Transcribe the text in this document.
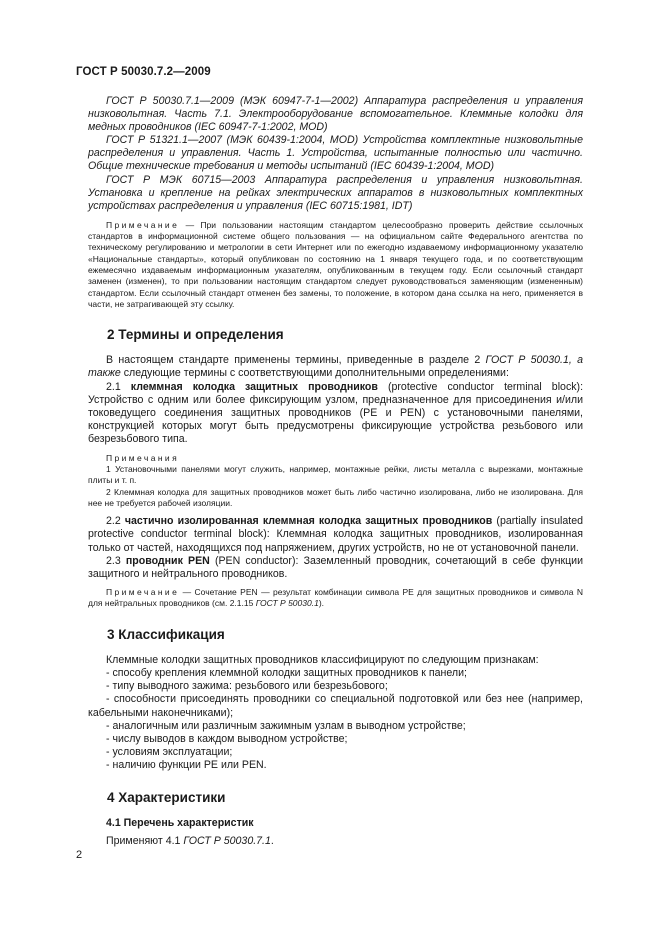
ГОСТ Р 50030.7.2—2009

ГОСТ Р 50030.7.1—2009 (МЭК 60947-7-1—2002) Аппаратура распределения и управления низковольтная. Часть 7.1. Электрооборудование вспомогательное. Клеммные колодки для медных проводников (IEC 60947-7-1:2002, MOD)

ГОСТ Р 51321.1—2007 (МЭК 60439-1:2004, MOD) Устройства комплектные низковольтные распределения и управления. Часть 1. Устройства, испытанные полностью или частично. Общие технические требования и методы испытаний (IEC 60439-1:2004, MOD)

ГОСТ Р МЭК 60715—2003 Аппаратура распределения и управления низковольтная. Установка и крепление на рейках электрических аппаратов в низковольтных комплектных устройствах распределения и управления (IEC 60715:1981, IDT)

Примечание — При пользовании настоящим стандартом целесообразно проверить действие ссылочных стандартов в информационной системе общего пользования — на официальном сайте Федерального агентства по техническому регулированию и метрологии в сети Интернет или по ежегодно издаваемому информационному указателю «Национальные стандарты», который опубликован по состоянию на 1 января текущего года, и по соответствующим ежемесячно издаваемым информационным указателям, опубликованным в текущем году. Если ссылочный стандарт заменен (изменен), то при пользовании настоящим стандартом следует руководствоваться заменяющим (измененным) стандартом. Если ссылочный стандарт отменен без замены, то положение, в котором дана ссылка на него, применяется в части, не затрагивающей эту ссылку.

2 Термины и определения

В настоящем стандарте применены термины, приведенные в разделе 2 ГОСТ Р 50030.1, а также следующие термины с соответствующими дополнительными определениями:

2.1 клеммная колодка защитных проводников (protective conductor terminal block): Устройство с одним или более фиксирующим узлом, предназначенное для присоединения и/или токоведущего соединения защитных проводников (PE и PEN) с установочными панелями, конструкцией которых могут быть предусмотрены фиксирующие устройства резьбового или безрезьбового типа.

Примечания

1 Установочными панелями могут служить, например, монтажные рейки, листы металла с вырезками, монтажные плиты и т. п.

2 Клеммная колодка для защитных проводников может быть либо частично изолирована, либо не изолирована. Для нее не требуется рабочей изоляции.

2.2 частично изолированная клеммная колодка защитных проводников (partially insulated protective conductor terminal block): Клеммная колодка защитных проводников, изолированная только от частей, находящихся под напряжением, других устройств, но не от установочной панели.

2.3 проводник PEN (PEN conductor): Заземленный проводник, сочетающий в себе функции защитного и нейтрального проводников.

Примечание — Сочетание PEN — результат комбинации символа PE для защитных проводников и символа N для нейтральных проводников (см. 2.1.15 ГОСТ Р 50030.1).

3 Классификация

Клеммные колодки защитных проводников классифицируют по следующим признакам:

- способу крепления клеммной колодки защитных проводников к панели;

- типу выводного зажима: резьбового или безрезьбового;

- способности присоединять проводники со специальной подготовкой или без нее (например, кабельными наконечниками);

- аналогичным или различным зажимным узлам в выводном устройстве;

- числу выводов в каждом выводном устройстве;

- условиям эксплуатации;

- наличию функции PE или PEN.

4 Характеристики
4.1 Перечень характеристик

Применяют 4.1 ГОСТ Р 50030.7.1.

2
